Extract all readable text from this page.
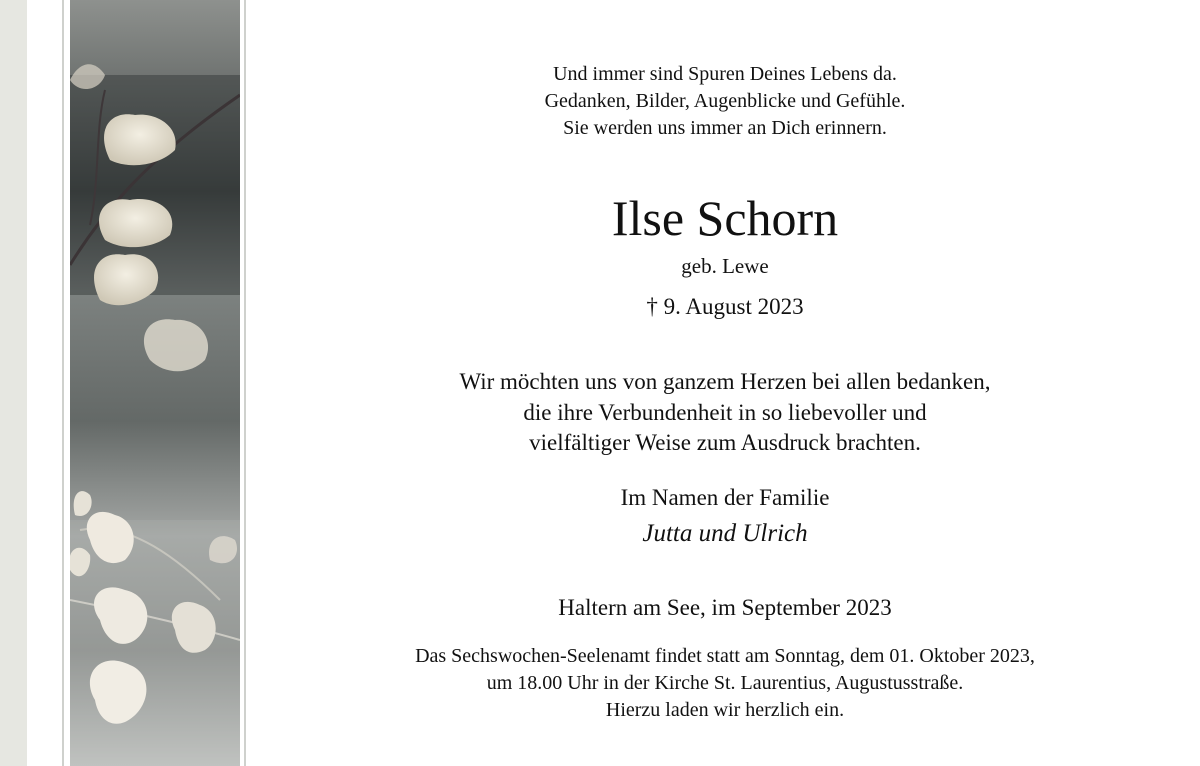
Und immer sind Spuren Deines Lebens da.
Gedanken, Bilder, Augenblicke und Gefühle.
Sie werden uns immer an Dich erinnern.
Ilse Schorn
geb. Lewe
† 9. August 2023
Wir möchten uns von ganzem Herzen bei allen bedanken,
die ihre Verbundenheit in so liebevoller und
vielfältiger Weise zum Ausdruck brachten.
Im Namen der Familie
Jutta und Ulrich
Haltern am See, im September 2023
Das Sechswochen-Seelenamt findet statt am Sonntag, dem 01. Oktober 2023,
um 18.00 Uhr in der Kirche St. Laurentius, Augustusstraße.
Hierzu laden wir herzlich ein.
